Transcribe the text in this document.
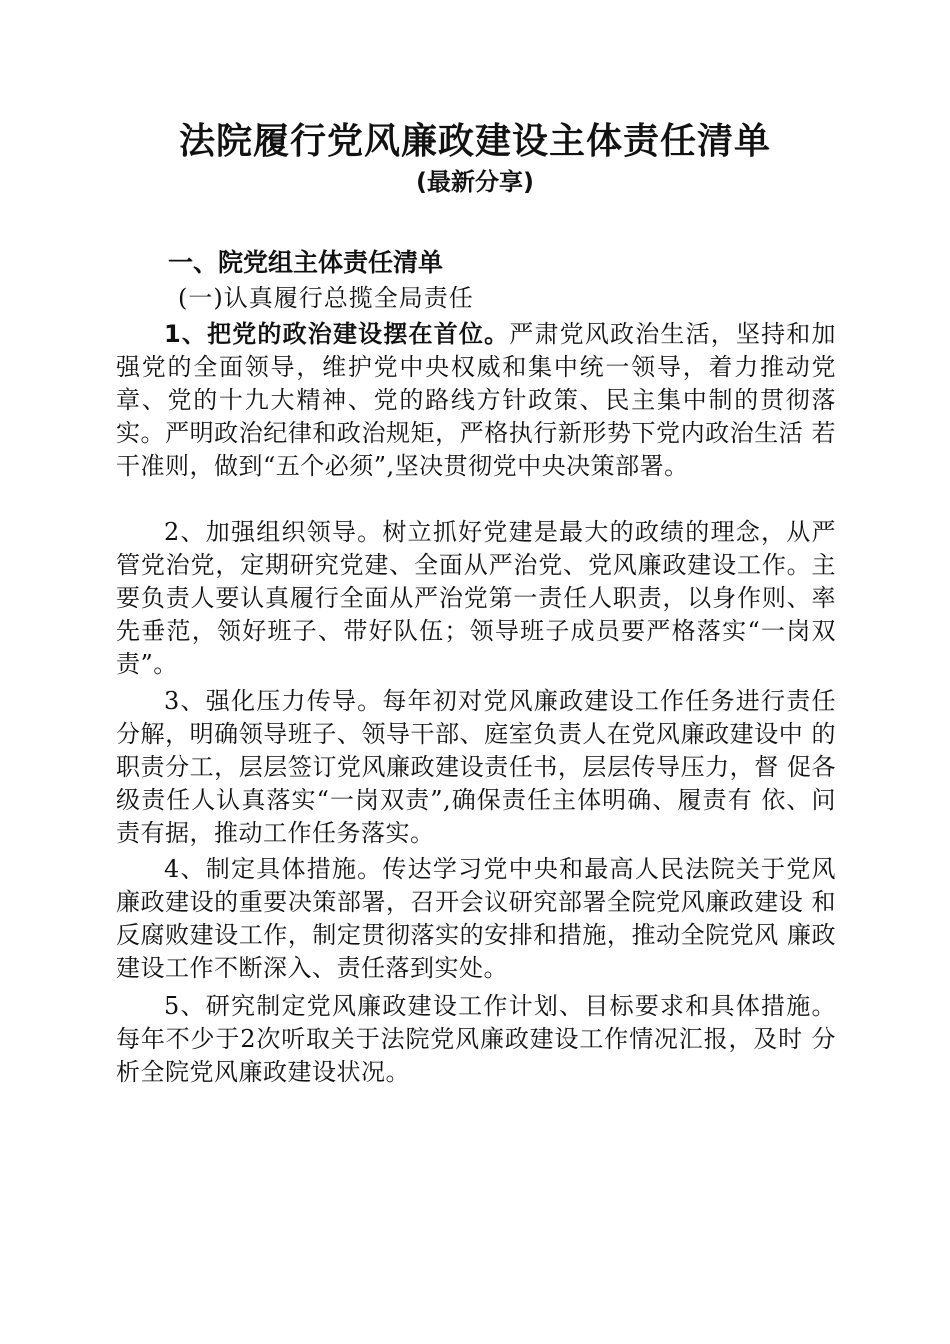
法院履行党风廉政建设主体责任清单
(最新分享)
一、院党组主体责任清单
(一)认真履行总揽全局责任

1、把党的政治建设摆在首位。严肃党风政治生活，坚持和加 强党的全面领导，维护党中央权威和集中统一领导，着力推动党 章、党的十九大精神、党的路线方针政策、民主集中制的贯彻落 实。严明政治纪律和政治规矩，严格执行新形势下党内政治生活 若干准则，做到“五个必须”,坚决贯彻党中央决策部署。

2、加强组织领导。树立抓好党建是最大的政绩的理念，从严 管党治党，定期研究党建、全面从严治党、党风廉政建设工作。主 要负责人要认真履行全面从严治党第一责任人职责，以身作则、率 先垂范，领好班子、带好队伍；领导班子成员要严格落实“一岗双 责”。

3、强化压力传导。每年初对党风廉政建设工作任务进行责任分解，明确领导班子、领导干部、庭室负责人在党风廉政建设中 的职责分工，层层签订党风廉政建设责任书，层层传导压力，督 促各级责任人认真落实“一岗双责”,确保责任主体明确、履责有 依、问责有据，推动工作任务落实。

4、制定具体措施。传达学习党中央和最高人民法院关于党风 廉政建设的重要决策部署，召开会议研究部署全院党风廉政建设 和反腐败建设工作，制定贯彻落实的安排和措施，推动全院党风 廉政建设工作不断深入、责任落到实处。

5、研究制定党风廉政建设工作计划、目标要求和具体措施。 每年不少于2次听取关于法院党风廉政建设工作情况汇报，及时 分析全院党风廉政建设状况。
